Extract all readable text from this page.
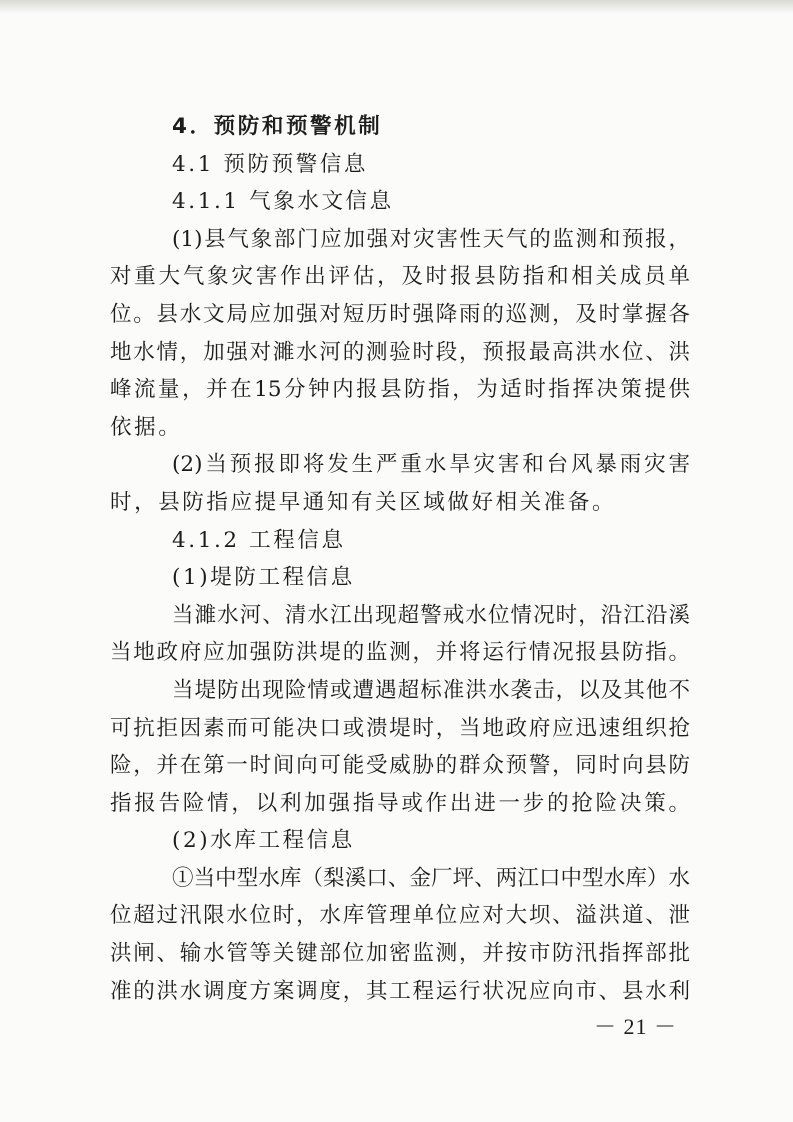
4．预防和预警机制

4.1 预防预警信息

4.1.1 气象水文信息

(1)县气象部门应加强对灾害性天气的监测和预报，

对重大气象灾害作出评估，及时报县防指和相关成员单

位。县水文局应加强对短历时强降雨的巡测，及时掌握各

地水情，加强对濉水河的测验时段，预报最高洪水位、洪

峰流量，并在15分钟内报县防指，为适时指挥决策提供

依据。

(2)当预报即将发生严重水旱灾害和台风暴雨灾害

时，县防指应提早通知有关区域做好相关准备。

4.1.2 工程信息

(1)堤防工程信息

当濉水河、清水江出现超警戒水位情况时，沿江沿溪

当地政府应加强防洪堤的监测，并将运行情况报县防指。

当堤防出现险情或遭遇超标准洪水袭击，以及其他不

可抗拒因素而可能决口或溃堤时，当地政府应迅速组织抢

险，并在第一时间向可能受威胁的群众预警，同时向县防

指报告险情，以利加强指导或作出进一步的抢险决策。

(2)水库工程信息

①当中型水库（梨溪口、金厂坪、两江口中型水库）水

位超过汛限水位时，水库管理单位应对大坝、溢洪道、泄

洪闸、输水管等关键部位加密监测，并按市防汛指挥部批

准的洪水调度方案调度，其工程运行状况应向市、县水利

－ 21 －
